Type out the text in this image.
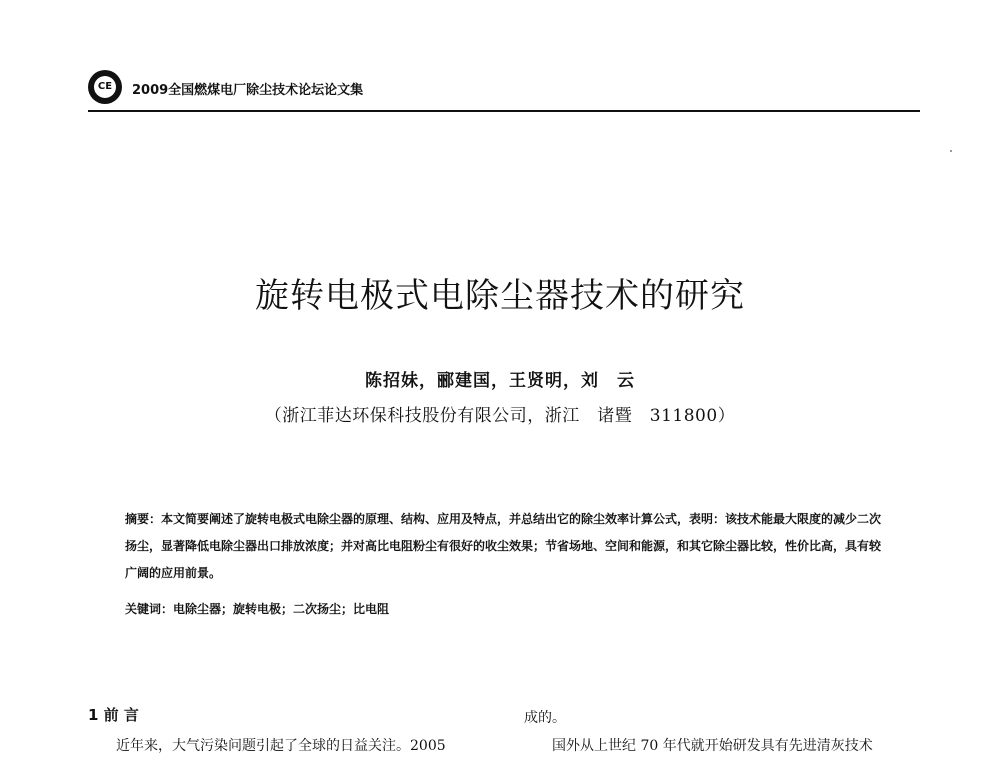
CE	2009全国燃煤电厂除尘技术论坛论文集
旋转电极式电除尘器技术的研究
陈招妹，郦建国，王贤明，刘　云
（浙江菲达环保科技股份有限公司，浙江　诸暨　311800）
摘要：本文简要阐述了旋转电极式电除尘器的原理、结构、应用及特点，并总结出它的除尘效率计算公式，表明：该技术能最大限度的减少二次扬尘，显著降低电除尘器出口排放浓度；并对高比电阻粉尘有很好的收尘效果；节省场地、空间和能源，和其它除尘器比较，性价比高，具有较广阔的应用前景。
关键词：电除尘器；旋转电极；二次扬尘；比电阻
1 前 言
近年来，大气污染问题引起了全球的日益关注。2005
成的。
国外从上世纪 70 年代就开始研发具有先进清灰技术
